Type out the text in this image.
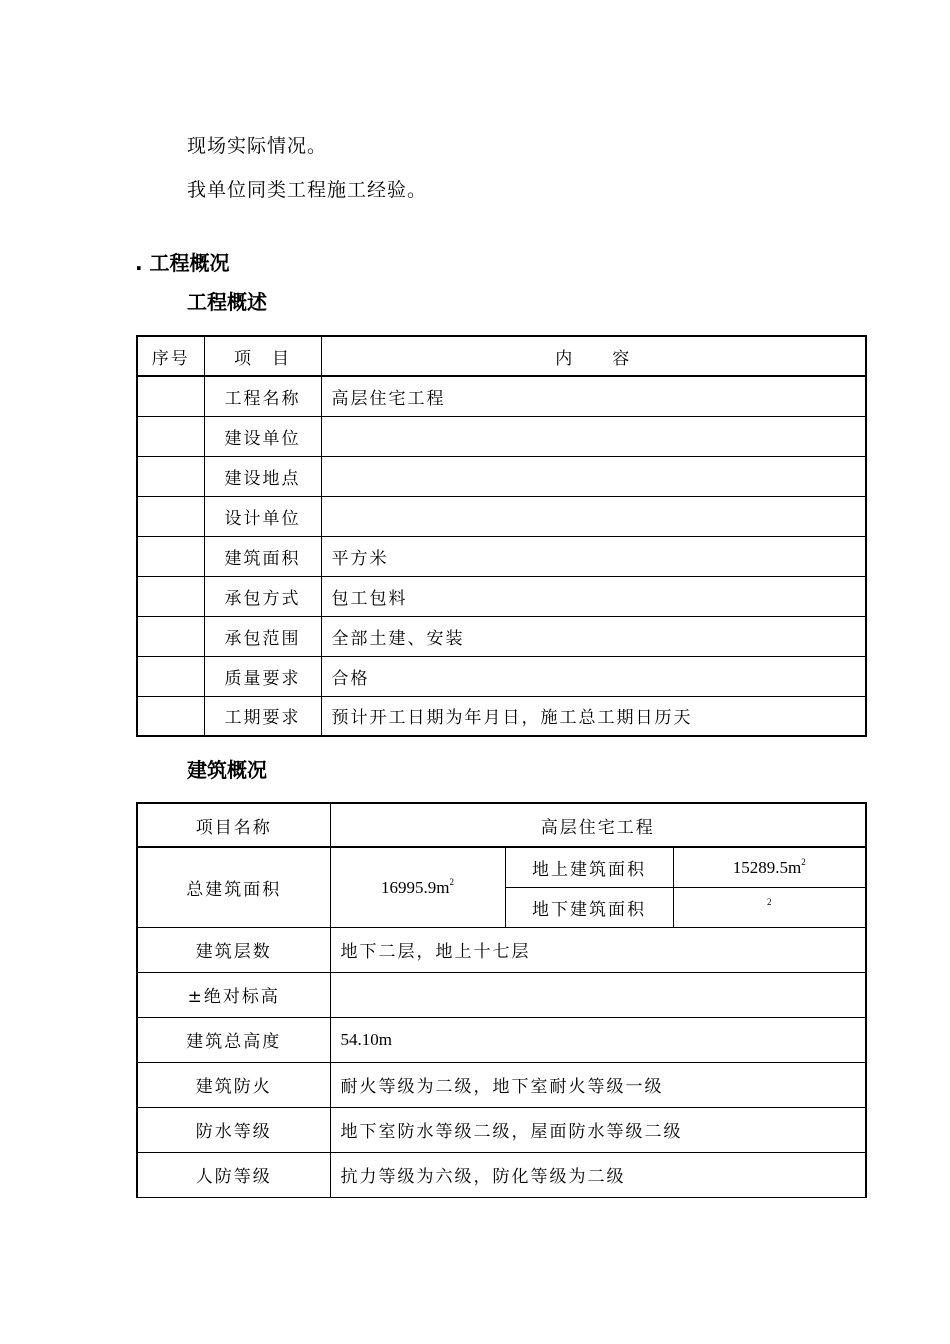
现场实际情况。
我单位同类工程施工经验。
. 工程概况
工程概述
序号	项　目	内　　容
	工程名称	高层住宅工程
	建设单位	
	建设地点	
	设计单位	
	建筑面积	平方米
	承包方式	包工包料
	承包范围	全部土建、安装
	质量要求	合格
	工期要求	预计开工日期为年月日，施工总工期日历天
建筑概况
项目名称	高层住宅工程		
总建筑面积	$16995.9m^2$	地上建筑面积	$15289.5m^2$
		地下建筑面积	$^2$
建筑层数	地下二层，地上十七层		
±绝对标高			
建筑总高度	54.10m		
建筑防火	耐火等级为二级，地下室耐火等级一级		
防水等级	地下室防水等级二级，屋面防水等级二级		
人防等级	抗力等级为六级，防化等级为二级		
